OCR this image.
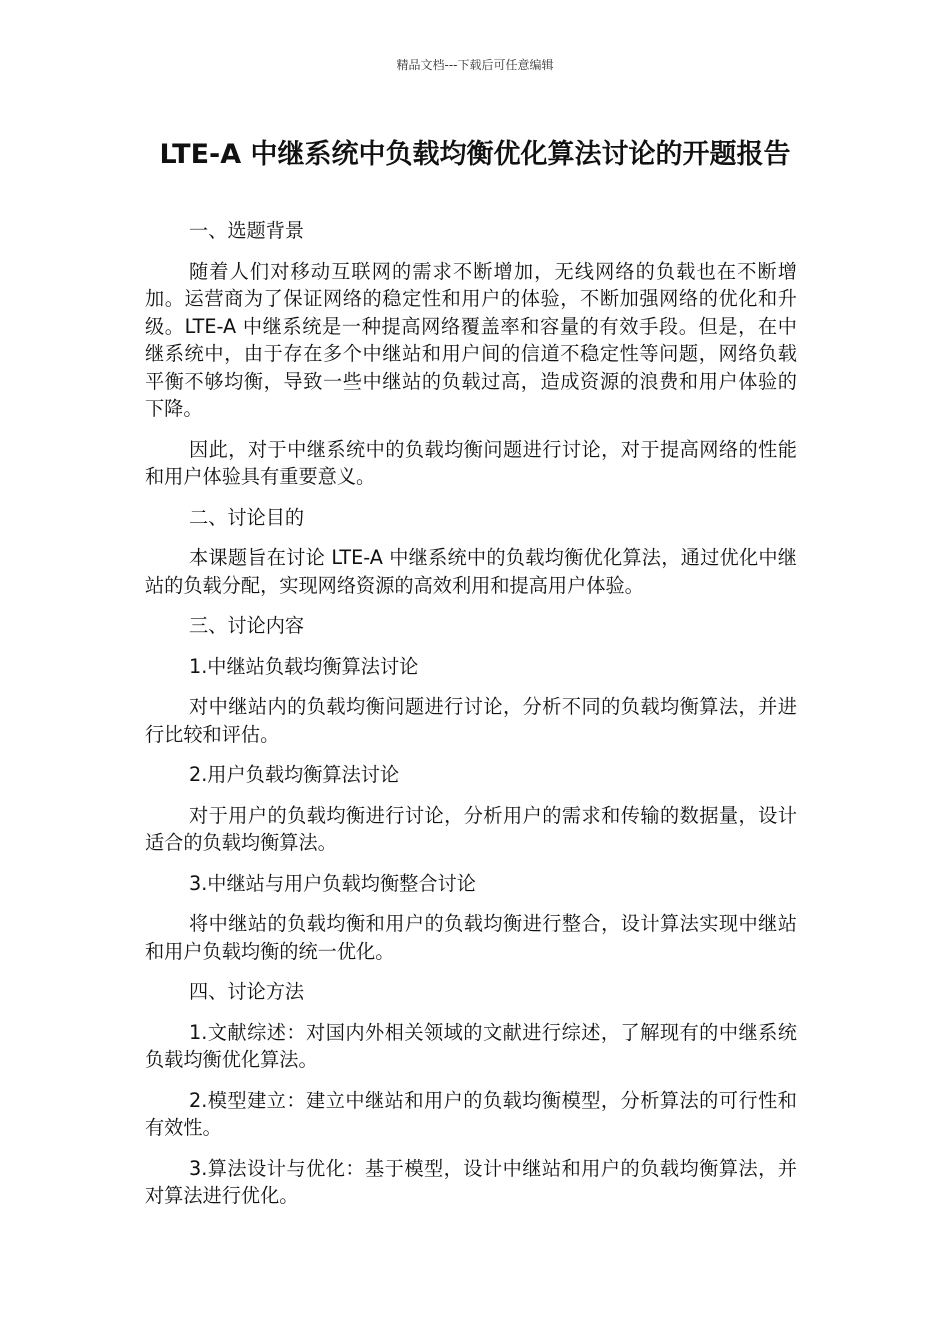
精品文档---下载后可任意编辑
LTE-A 中继系统中负载均衡优化算法讨论的开题报告

一、选题背景

随着人们对移动互联网的需求不断增加，无线网络的负载也在不断增加。运营商为了保证网络的稳定性和用户的体验，不断加强网络的优化和升级。LTE-A 中继系统是一种提高网络覆盖率和容量的有效手段。但是，在中继系统中，由于存在多个中继站和用户间的信道不稳定性等问题，网络负载平衡不够均衡，导致一些中继站的负载过高，造成资源的浪费和用户体验的下降。

因此，对于中继系统中的负载均衡问题进行讨论，对于提高网络的性能和用户体验具有重要意义。

二、讨论目的

本课题旨在讨论 LTE-A 中继系统中的负载均衡优化算法，通过优化中继站的负载分配，实现网络资源的高效利用和提高用户体验。

三、讨论内容

1.中继站负载均衡算法讨论

对中继站内的负载均衡问题进行讨论，分析不同的负载均衡算法，并进行比较和评估。

2.用户负载均衡算法讨论

对于用户的负载均衡进行讨论，分析用户的需求和传输的数据量，设计适合的负载均衡算法。

3.中继站与用户负载均衡整合讨论

将中继站的负载均衡和用户的负载均衡进行整合，设计算法实现中继站和用户负载均衡的统一优化。

四、讨论方法

1.文献综述：对国内外相关领域的文献进行综述，了解现有的中继系统负载均衡优化算法。

2.模型建立：建立中继站和用户的负载均衡模型，分析算法的可行性和有效性。

3.算法设计与优化：基于模型，设计中继站和用户的负载均衡算法，并对算法进行优化。
